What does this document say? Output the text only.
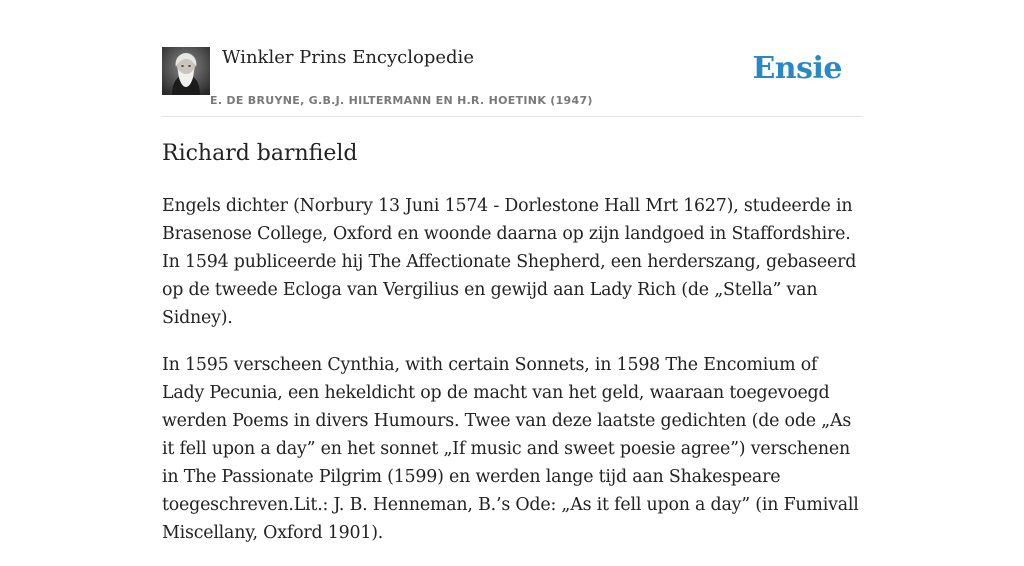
Winkler Prins Encyclopedie
E. DE BRUYNE, G.B.J. HILTERMANN EN H.R. HOETINK (1947)
Ensie
Richard barnfield

Engels dichter (Norbury 13 Juni 1574 - Dorlestone Hall Mrt 1627), studeerde in Brasenose College, Oxford en woonde daarna op zijn landgoed in Staffordshire. In 1594 publiceerde hij The Affectionate Shepherd, een herderszang, gebaseerd op de tweede Ecloga van Vergilius en gewijd aan Lady Rich (de „Stella” van Sidney).

In 1595 verscheen Cynthia, with certain Sonnets, in 1598 The Encomium of Lady Pecunia, een hekeldicht op de macht van het geld, waaraan toegevoegd werden Poems in divers Humours. Twee van deze laatste gedichten (de ode „As it fell upon a day” en het sonnet „If music and sweet poesie agree”) verschenen in The Passionate Pilgrim (1599) en werden lange tijd aan Shakespeare toegeschreven.Lit.: J. B. Henneman, B.’s Ode: „As it fell upon a day” (in Fumivall Miscellany, Oxford 1901).
